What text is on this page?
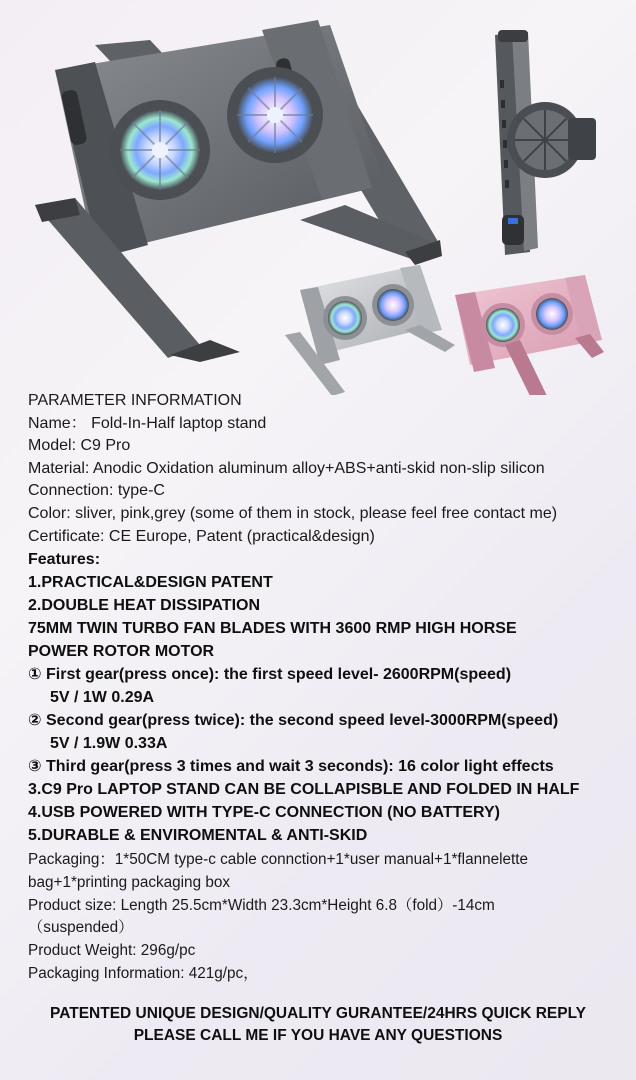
PARAMETER INFORMATION
Name： Fold-In-Half laptop stand
Model: C9 Pro
Material: Anodic Oxidation aluminum alloy+ABS+anti-skid non-slip silicon
Connection: type-C
Color: sliver, pink,grey (some of them in stock, please feel free contact me)
Certificate: CE Europe, Patent (practical&design)
Features:
1.PRACTICAL&DESIGN PATENT
2.DOUBLE HEAT DISSIPATION
75MM TWIN TURBO FAN BLADES WITH 3600 RMP HIGH HORSE
POWER ROTOR MOTOR
① First gear(press once): the first speed level- 2600RPM(speed)
5V / 1W 0.29A
② Second gear(press twice): the second speed level-3000RPM(speed)
5V / 1.9W 0.33A
③ Third gear(press 3 times and wait 3 seconds): 16 color light effects
3.C9 Pro LAPTOP STAND CAN BE COLLAPISBLE AND FOLDED IN HALF
4.USB POWERED WITH TYPE-C CONNECTION (NO BATTERY)
5.DURABLE & ENVIROMENTAL & ANTI-SKID
Packaging：1*50CM type-c cable connction+1*user manual+1*flannelette
bag+1*printing packaging box
Product size: Length 25.5cm*Width 23.3cm*Height 6.8（fold）-14cm
（suspended）
Product Weight: 296g/pc
Packaging Information: 421g/pc，
PATENTED UNIQUE DESIGN/QUALITY GURANTEE/24HRS QUICK REPLY
PLEASE CALL ME IF YOU HAVE ANY QUESTIONS
